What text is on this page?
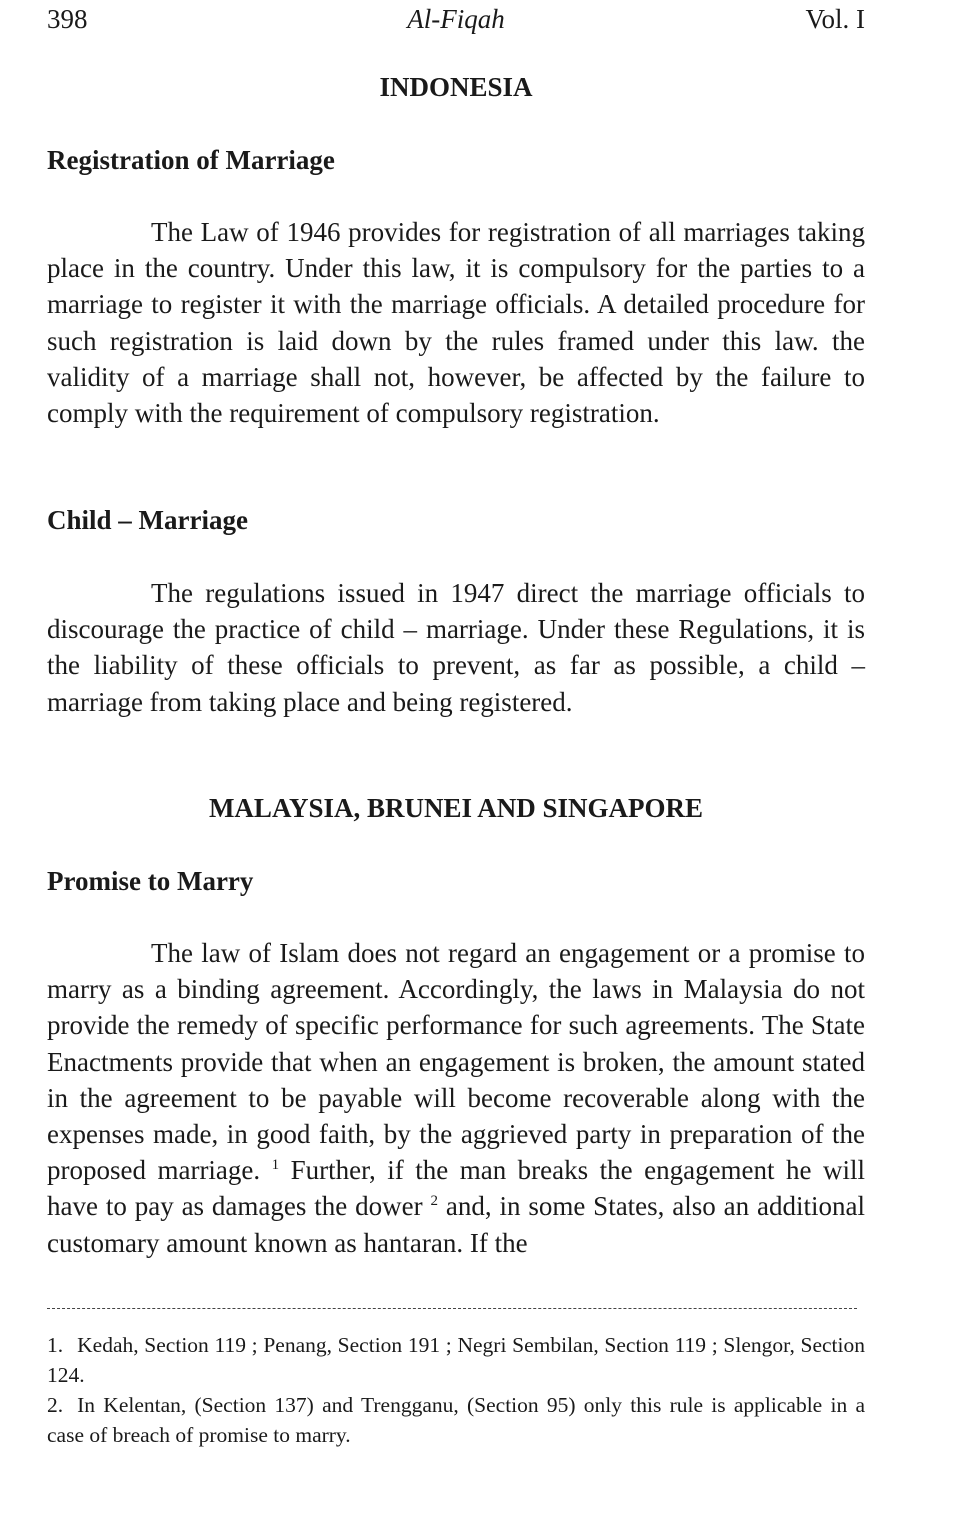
398	Al-Fiqah	Vol. I
INDONESIA
Registration of Marriage

The Law of 1946 provides for registration of all marriages taking place in the country. Under this law, it is compulsory for the parties to a marriage to register it with the marriage officials. A detailed procedure for such registration is laid down by the rules framed under this law. the validity of a marriage shall not, however, be affected by the failure to comply with the requirement of compulsory registration.

Child – Marriage

The regulations issued in 1947 direct the marriage officials to discourage the practice of child – marriage. Under these Regulations, it is the liability of these officials to prevent, as far as possible, a child – marriage from taking place and being registered.

MALAYSIA, BRUNEI AND SINGAPORE
Promise to Marry

The law of Islam does not regard an engagement or a promise to marry as a binding agreement. Accordingly, the laws in Malaysia do not provide the remedy of specific performance for such agreements. The State Enactments provide that when an engagement is broken, the amount stated in the agreement to be payable will become recoverable along with the expenses made, in good faith, by the aggrieved party in preparation of the proposed marriage. $^1$ Further, if the man breaks the engagement he will have to pay as damages the dower $^2$ and, in some States, also an additional customary amount known as hantaran. If the

1. Kedah, Section 119 ; Penang, Section 191 ; Negri Sembilan, Section 119 ; Slengor, Section 124.

2. In Kelentan, (Section 137) and Trengganu, (Section 95) only this rule is applicable in a case of breach of promise to marry.
